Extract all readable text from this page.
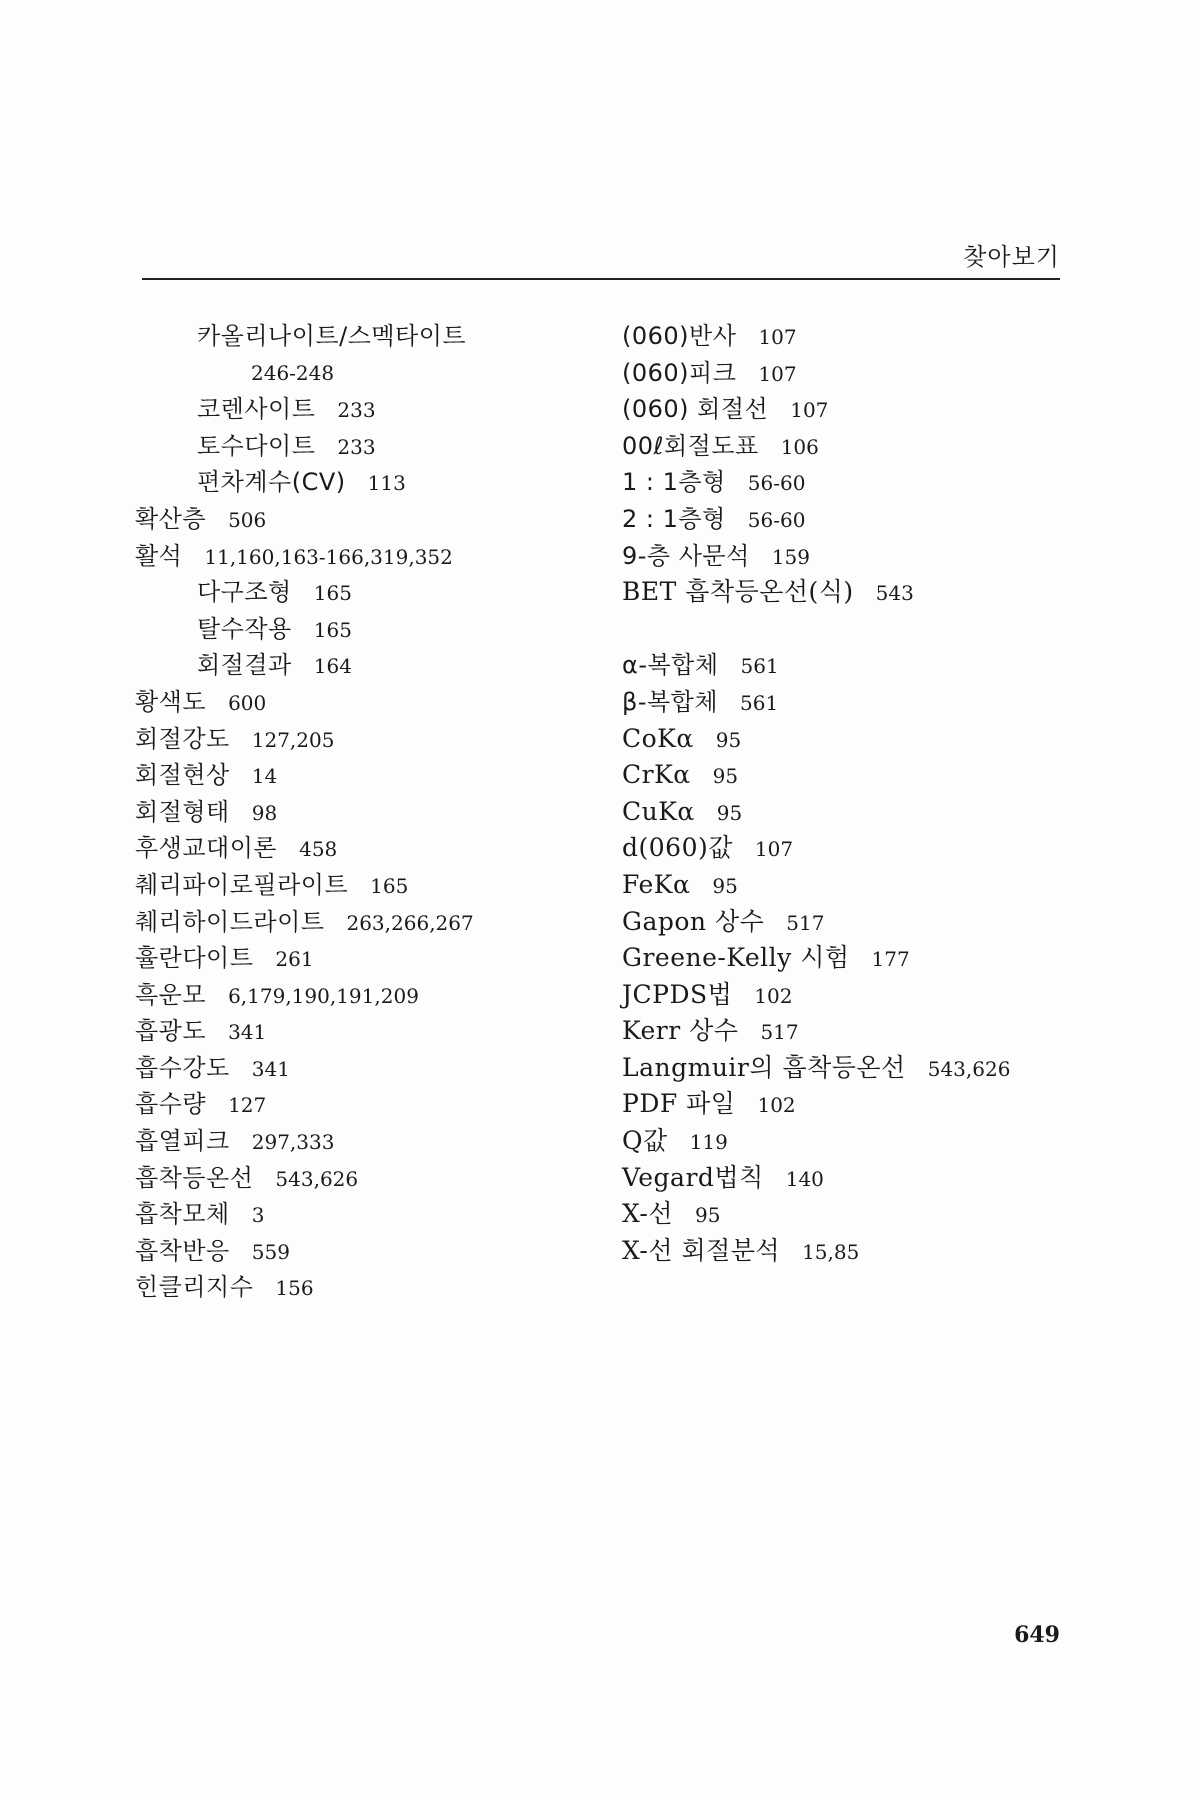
찾아보기
카올리나이트/스멕타이트
246-248
코렌사이트 233
토수다이트 233
편차계수(CV) 113
확산층 506
활석 11,160,163-166,319,352
다구조형 165
탈수작용 165
회절결과 164
황색도 600
회절강도 127,205
회절현상 14
회절형태 98
후생교대이론 458
췌리파이로필라이트 165
췌리하이드라이트 263,266,267
휼란다이트 261
흑운모 6,179,190,191,209
흡광도 341
흡수강도 341
흡수량 127
흡열피크 297,333
흡착등온선 543,626
흡착모체 3
흡착반응 559
힌클리지수 156
(060)반사 107
(060)피크 107
(060) 회절선 107
00ℓ회절도표 106
1 : 1층형 56-60
2 : 1층형 56-60
9-층 사문석 159
BET 흡착등온선(식) 543
α-복합체 561
β-복합체 561
CoKα 95
CrKα 95
CuKα 95
d(060)값 107
FeKα 95
Gapon 상수 517
Greene-Kelly 시험 177
JCPDS법 102
Kerr 상수 517
Langmuir의 흡착등온선 543,626
PDF 파일 102
Q값 119
Vegard법칙 140
X-선 95
X-선 회절분석 15,85
649
